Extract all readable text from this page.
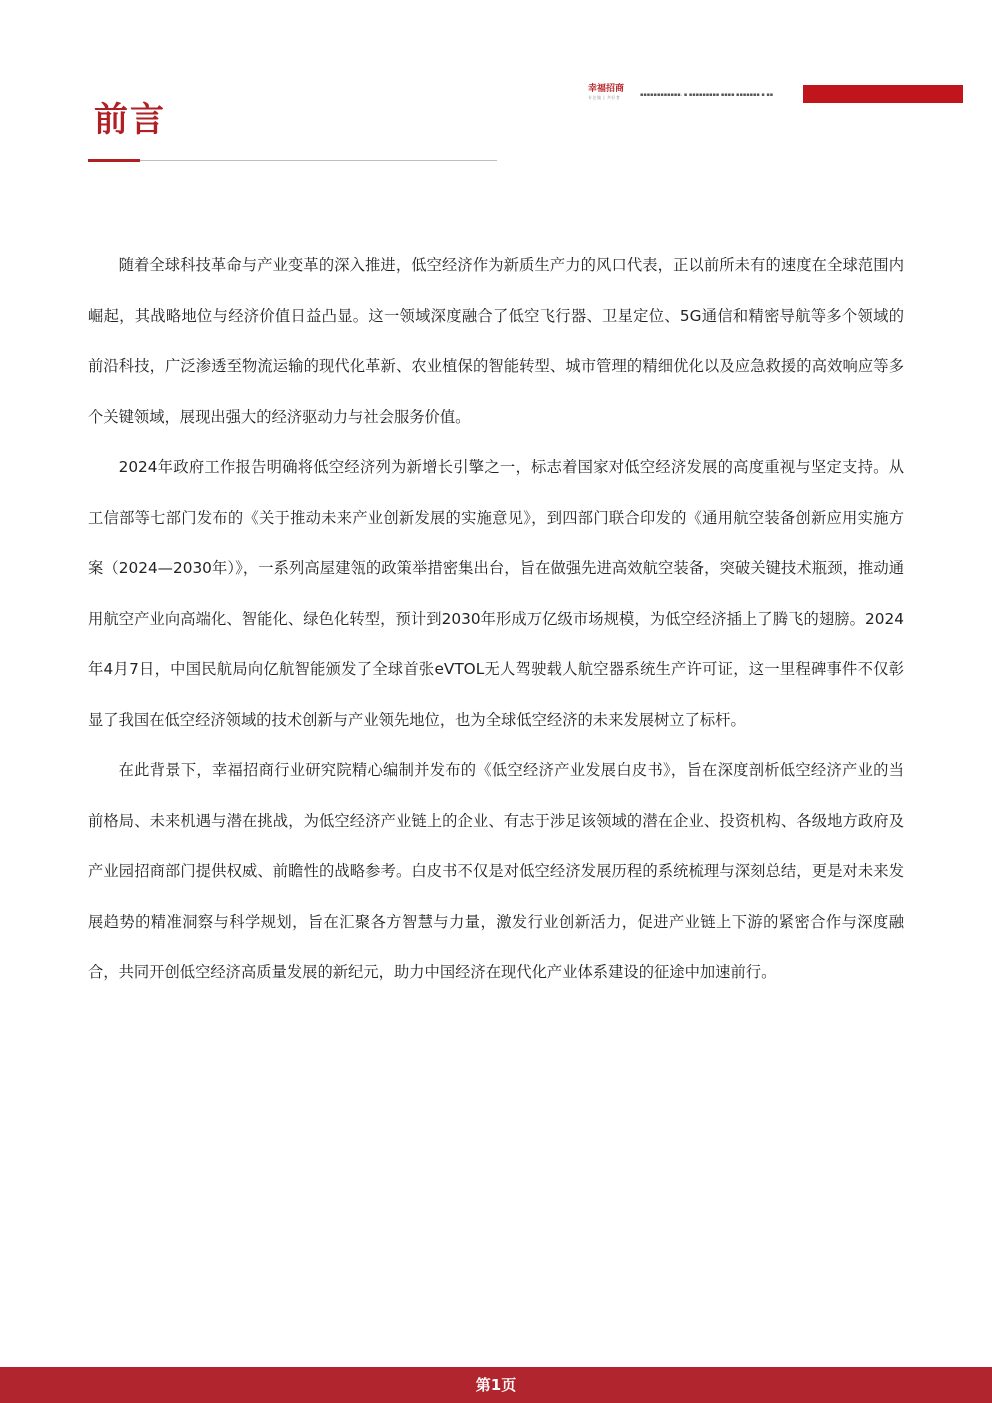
幸福招商
专注做 | 共好者	▪▪▪▪▪▪▪▪▪▪▪▪. ▪ ▪▪▪▪▪▪▪▪▪ ▪▪▪▪ ▪▪▪▪▪▪▪ ▪ ▪▪
前言

随着全球科技革命与产业变革的深入推进，低空经济作为新质生产力的风口代表，正以前所未有的速度在全球范围内崛起，其战略地位与经济价值日益凸显。这一领域深度融合了低空飞行器、卫星定位、5G通信和精密导航等多个领域的前沿科技，广泛渗透至物流运输的现代化革新、农业植保的智能转型、城市管理的精细优化以及应急救援的高效响应等多个关键领域，展现出强大的经济驱动力与社会服务价值。

2024年政府工作报告明确将低空经济列为新增长引擎之一，标志着国家对低空经济发展的高度重视与坚定支持。从工信部等七部门发布的《关于推动未来产业创新发展的实施意见》，到四部门联合印发的《通用航空装备创新应用实施方案（2024—2030年）》，一系列高屋建瓴的政策举措密集出台，旨在做强先进高效航空装备，突破关键技术瓶颈，推动通用航空产业向高端化、智能化、绿色化转型，预计到2030年形成万亿级市场规模，为低空经济插上了腾飞的翅膀。2024年4月7日，中国民航局向亿航智能颁发了全球首张eVTOL无人驾驶载人航空器系统生产许可证，这一里程碑事件不仅彰显了我国在低空经济领域的技术创新与产业领先地位，也为全球低空经济的未来发展树立了标杆。

在此背景下，幸福招商行业研究院精心编制并发布的《低空经济产业发展白皮书》，旨在深度剖析低空经济产业的当前格局、未来机遇与潜在挑战，为低空经济产业链上的企业、有志于涉足该领域的潜在企业、投资机构、各级地方政府及产业园招商部门提供权威、前瞻性的战略参考。白皮书不仅是对低空经济发展历程的系统梳理与深刻总结，更是对未来发展趋势的精准洞察与科学规划，旨在汇聚各方智慧与力量，激发行业创新活力，促进产业链上下游的紧密合作与深度融合，共同开创低空经济高质量发展的新纪元，助力中国经济在现代化产业体系建设的征途中加速前行。

第1页
